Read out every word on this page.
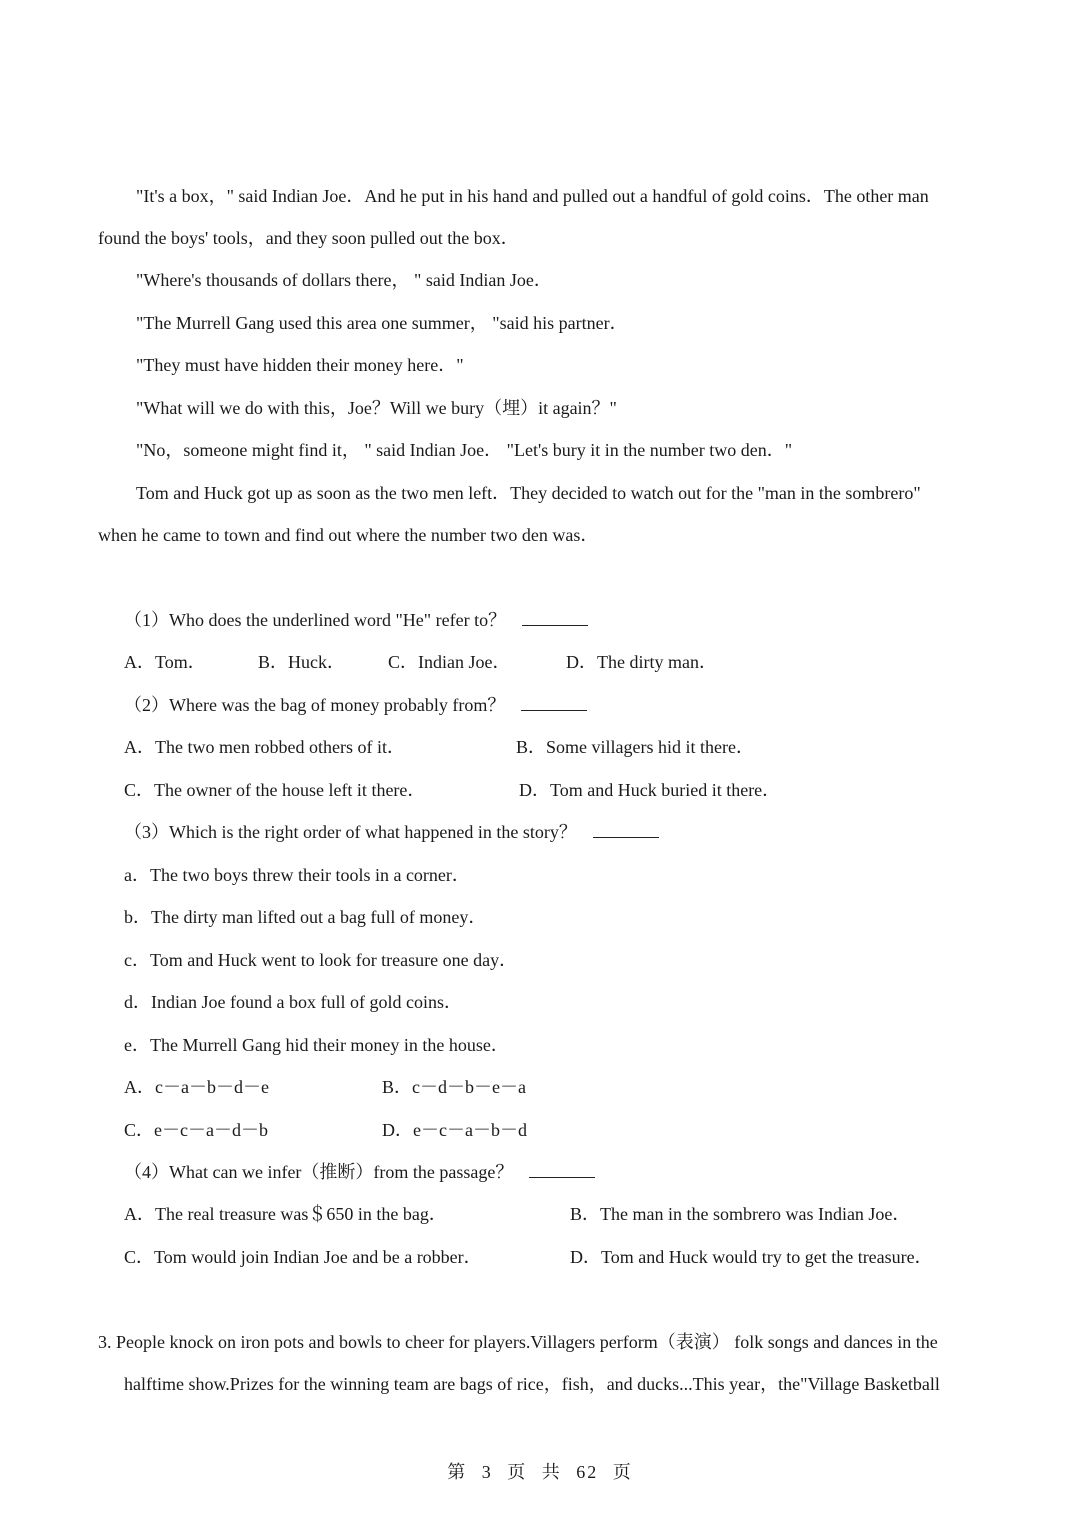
"It's a box，" said Indian Joe．And he put in his hand and pulled out a handful of gold coins．The other man
found the boys' tools，and they soon pulled out the box．
"Where's thousands of dollars there， " said Indian Joe．
"The Murrell Gang used this area one summer， "said his partner．
"They must have hidden their money here．"
"What will we do with this，Joe？Will we bury（埋）it again？"
"No，someone might find it， " said Indian Joe． "Let's bury it in the number two den．"
Tom and Huck got up as soon as the two men left．They decided to watch out for the "man in the sombrero"
when he came to town and find out where the number two den was．
（1）Who does the underlined word "He" refer to？
A．Tom．	B．Huck． C．Indian Joe．	D．The dirty man．
（2）Where was the bag of money probably from？
A．The two men robbed others of it．	B．Some villagers hid it there．
C．The owner of the house left it there．	D．Tom and Huck buried it there．
（3）Which is the right order of what happened in the story？
a．The two boys threw their tools in a corner．
b．The dirty man lifted out a bag full of money．
c．Tom and Huck went to look for treasure one day．
d．Indian Joe found a box full of gold coins．
e．The Murrell Gang hid their money in the house．
A．c－a－b－d－e	B．c－d－b－e－a
C．e－c－a－d－b	D．e－c－a－b－d
（4）What can we infer（推断）from the passage？
A．The real treasure was＄650 in the bag．	B．The man in the sombrero was Indian Joe．
C．Tom would join Indian Joe and be a robber．	D．Tom and Huck would try to get the treasure．
3. People knock on iron pots and bowls to cheer for players.Villagers perform（表演） folk songs and dances in the
halftime show.Prizes for the winning team are bags of rice，fish，and ducks...This year，the"Village Basketball
第 3 页 共 62 页
